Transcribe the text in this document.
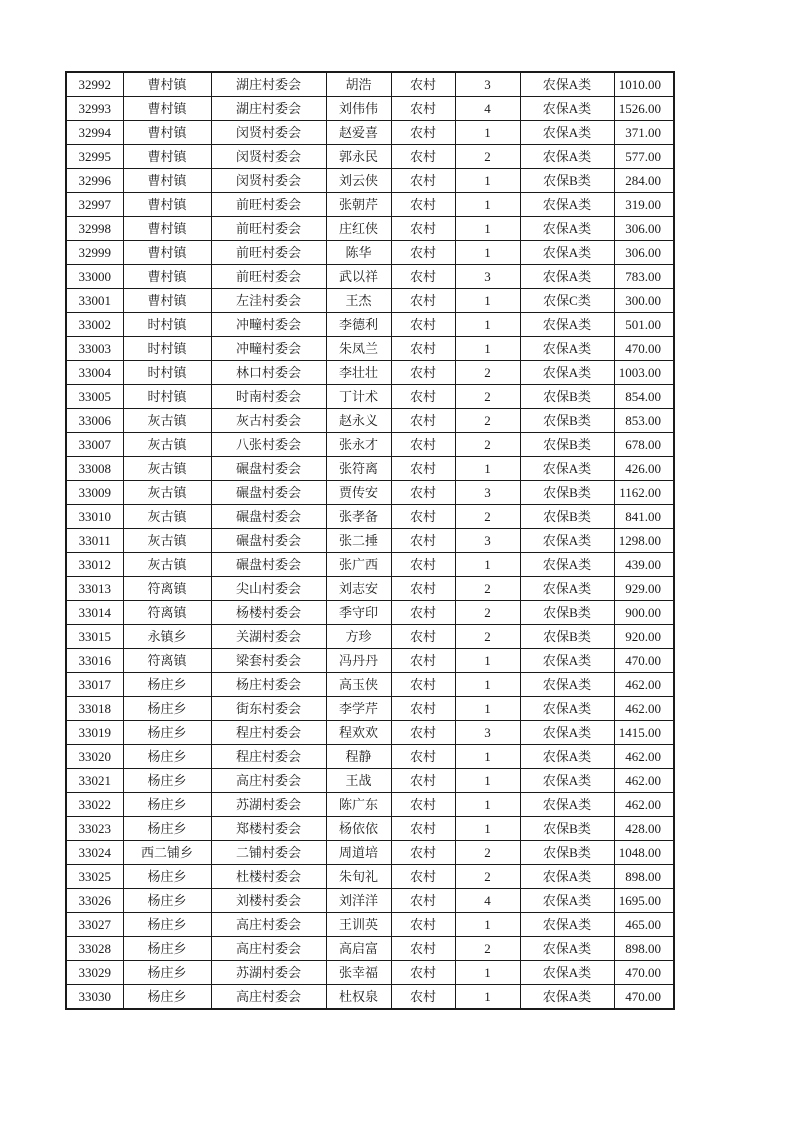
32992	曹村镇	湖庄村委会	胡浩	农村	3	农保A类	1010.00
32993	曹村镇	湖庄村委会	刘伟伟	农村	4	农保A类	1526.00
32994	曹村镇	闵贤村委会	赵爱喜	农村	1	农保A类	371.00
32995	曹村镇	闵贤村委会	郭永民	农村	2	农保A类	577.00
32996	曹村镇	闵贤村委会	刘云侠	农村	1	农保B类	284.00
32997	曹村镇	前旺村委会	张朝芹	农村	1	农保A类	319.00
32998	曹村镇	前旺村委会	庄红侠	农村	1	农保A类	306.00
32999	曹村镇	前旺村委会	陈华	农村	1	农保A类	306.00
33000	曹村镇	前旺村委会	武以祥	农村	3	农保A类	783.00
33001	曹村镇	左洼村委会	王杰	农村	1	农保C类	300.00
33002	时村镇	冲疃村委会	李德利	农村	1	农保A类	501.00
33003	时村镇	冲疃村委会	朱凤兰	农村	1	农保A类	470.00
33004	时村镇	林口村委会	李壮壮	农村	2	农保A类	1003.00
33005	时村镇	时南村委会	丁计术	农村	2	农保B类	854.00
33006	灰古镇	灰古村委会	赵永义	农村	2	农保B类	853.00
33007	灰古镇	八张村委会	张永才	农村	2	农保B类	678.00
33008	灰古镇	碾盘村委会	张符离	农村	1	农保A类	426.00
33009	灰古镇	碾盘村委会	贾传安	农村	3	农保B类	1162.00
33010	灰古镇	碾盘村委会	张孝备	农村	2	农保B类	841.00
33011	灰古镇	碾盘村委会	张二捶	农村	3	农保A类	1298.00
33012	灰古镇	碾盘村委会	张广西	农村	1	农保A类	439.00
33013	符离镇	尖山村委会	刘志安	农村	2	农保A类	929.00
33014	符离镇	杨楼村委会	季守印	农村	2	农保B类	900.00
33015	永镇乡	关湖村委会	方珍	农村	2	农保B类	920.00
33016	符离镇	梁套村委会	冯丹丹	农村	1	农保A类	470.00
33017	杨庄乡	杨庄村委会	高玉侠	农村	1	农保A类	462.00
33018	杨庄乡	街东村委会	李学芹	农村	1	农保A类	462.00
33019	杨庄乡	程庄村委会	程欢欢	农村	3	农保A类	1415.00
33020	杨庄乡	程庄村委会	程静	农村	1	农保A类	462.00
33021	杨庄乡	高庄村委会	王战	农村	1	农保A类	462.00
33022	杨庄乡	苏湖村委会	陈广东	农村	1	农保A类	462.00
33023	杨庄乡	郑楼村委会	杨依依	农村	1	农保B类	428.00
33024	西二铺乡	二铺村委会	周道培	农村	2	农保B类	1048.00
33025	杨庄乡	杜楼村委会	朱旬礼	农村	2	农保A类	898.00
33026	杨庄乡	刘楼村委会	刘洋洋	农村	4	农保A类	1695.00
33027	杨庄乡	高庄村委会	王训英	农村	1	农保A类	465.00
33028	杨庄乡	高庄村委会	高启富	农村	2	农保A类	898.00
33029	杨庄乡	苏湖村委会	张幸福	农村	1	农保A类	470.00
33030	杨庄乡	高庄村委会	杜权泉	农村	1	农保A类	470.00
